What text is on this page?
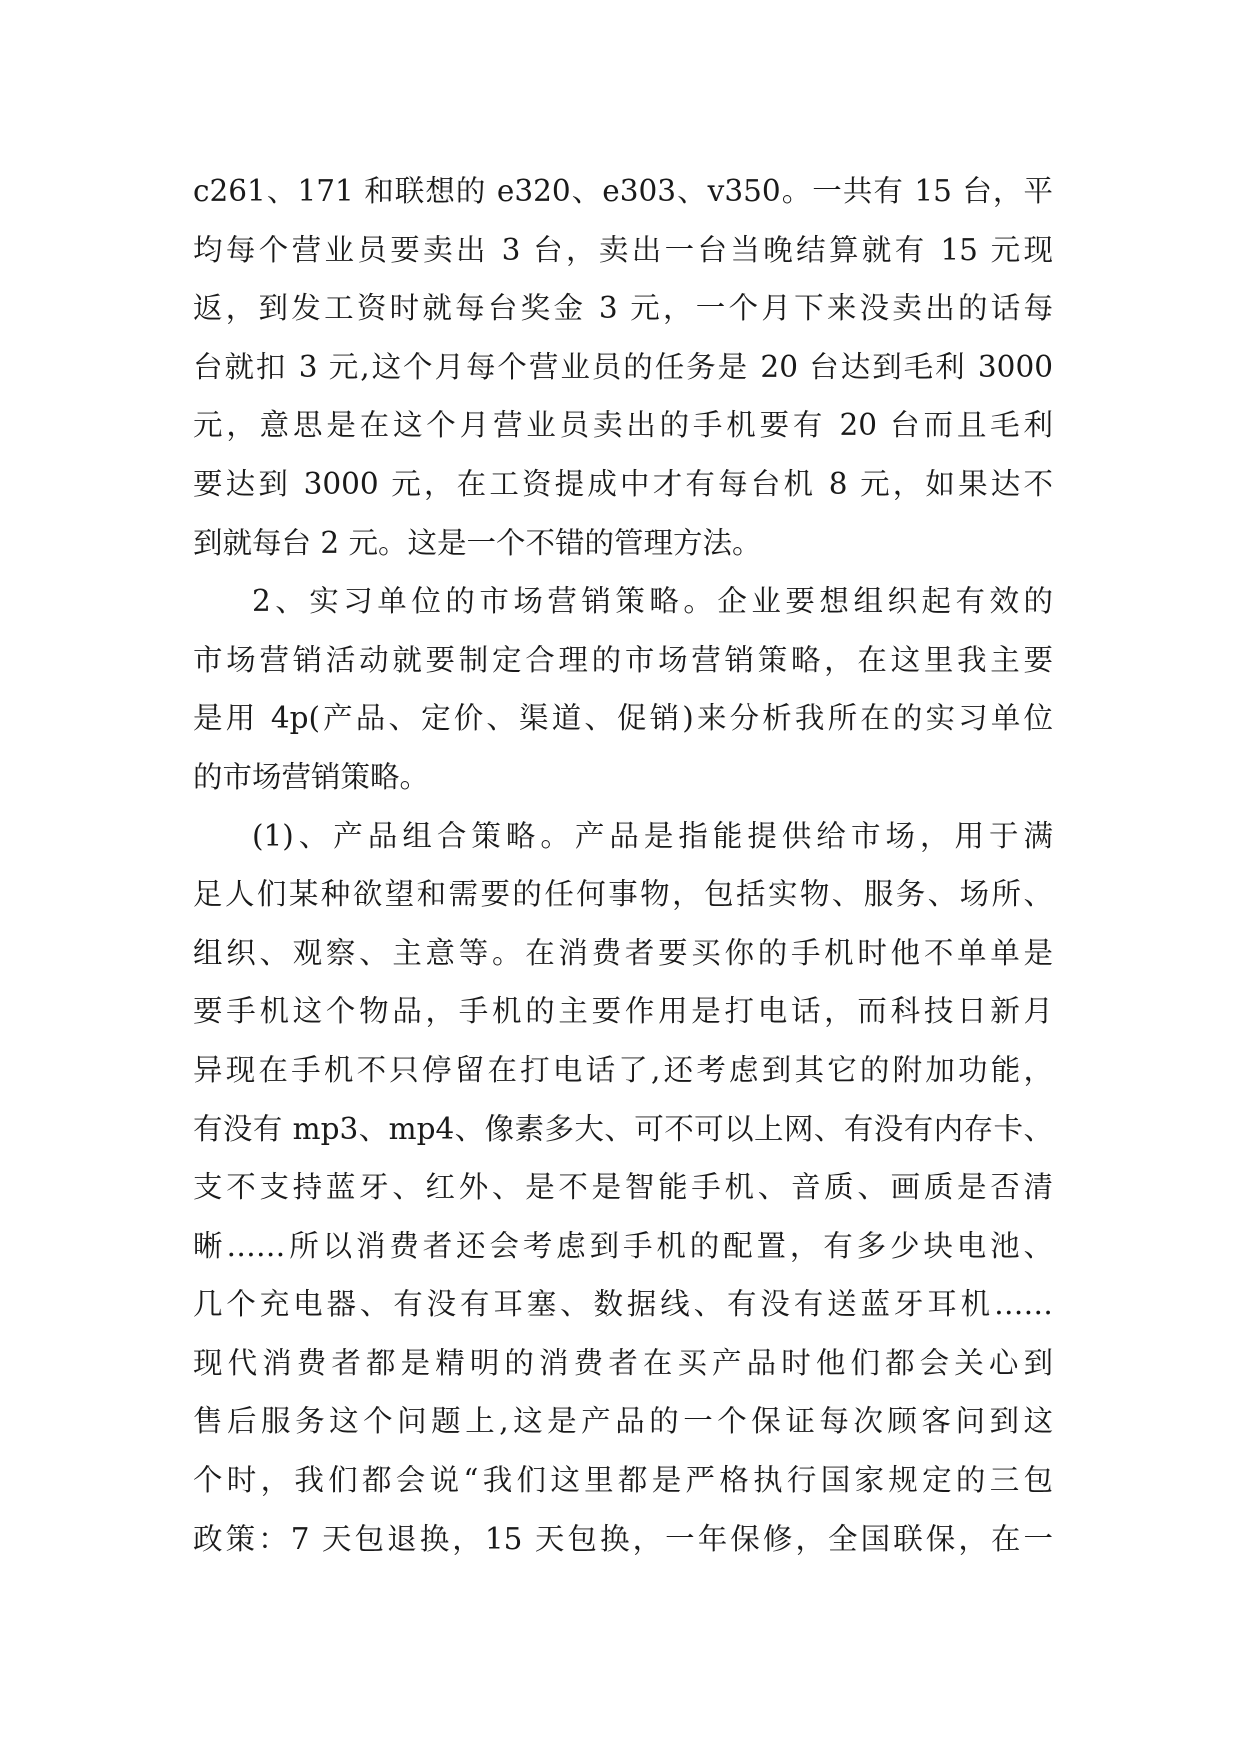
c261、171 和联想的 e320、e303、v350。一共有 15 台，平
均每个营业员要卖出 3 台，卖出一台当晚结算就有 15 元现
返，到发工资时就每台奖金 3 元，一个月下来没卖出的话每
台就扣 3 元,这个月每个营业员的任务是 20 台达到毛利 3000
元，意思是在这个月营业员卖出的手机要有 20 台而且毛利
要达到 3000 元，在工资提成中才有每台机 8 元，如果达不
到就每台 2 元。这是一个不错的管理方法。
2、实习单位的市场营销策略。企业要想组织起有效的
市场营销活动就要制定合理的市场营销策略，在这里我主要
是用 4p(产品、定价、渠道、促销)来分析我所在的实习单位
的市场营销策略。
(1)、产品组合策略。产品是指能提供给市场，用于满
足人们某种欲望和需要的任何事物，包括实物、服务、场所、
组织、观察、主意等。在消费者要买你的手机时他不单单是
要手机这个物品，手机的主要作用是打电话，而科技日新月
异现在手机不只停留在打电话了,还考虑到其它的附加功能，
有没有 mp3、mp4、像素多大、可不可以上网、有没有内存卡、
支不支持蓝牙、红外、是不是智能手机、音质、画质是否清
晰……所以消费者还会考虑到手机的配置，有多少块电池、
几个充电器、有没有耳塞、数据线、有没有送蓝牙耳机……
现代消费者都是精明的消费者在买产品时他们都会关心到
售后服务这个问题上,这是产品的一个保证每次顾客问到这
个时，我们都会说“我们这里都是严格执行国家规定的三包
政策：7 天包退换，15 天包换，一年保修，全国联保，在一
